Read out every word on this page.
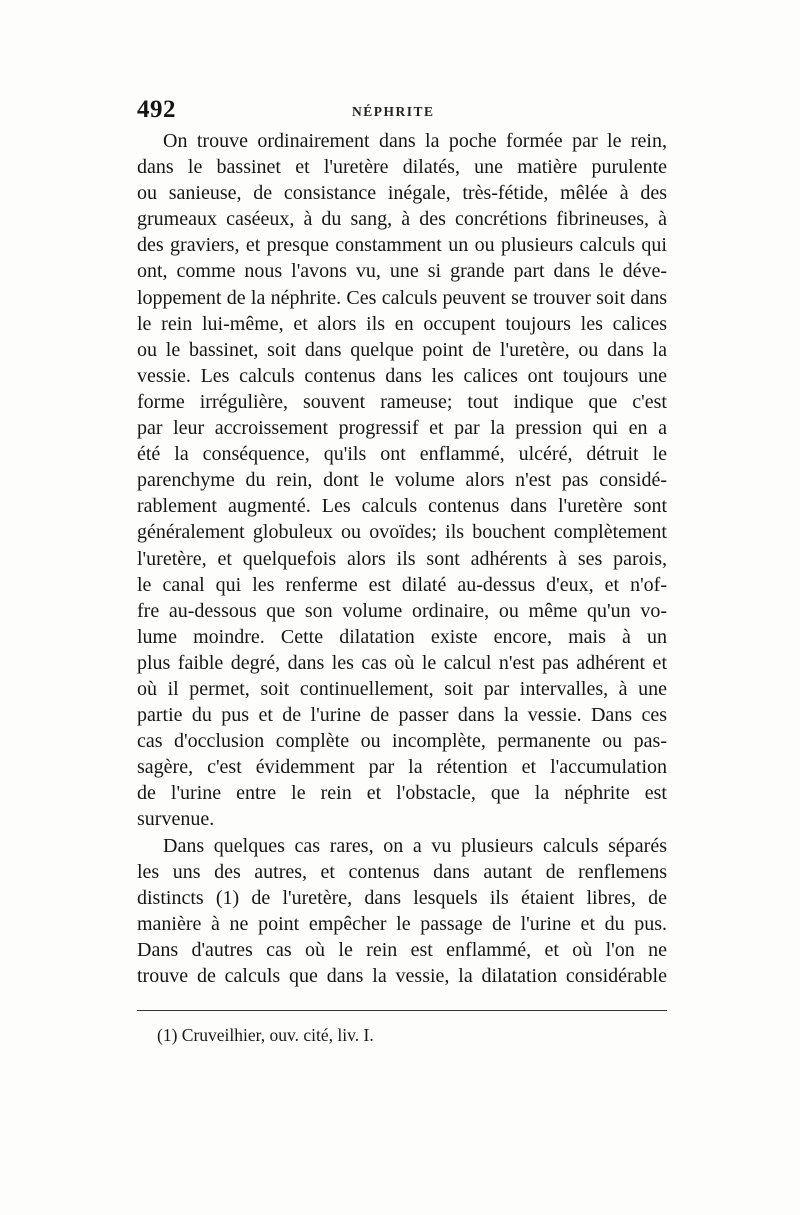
492	NÉPHRITE
On trouve ordinairement dans la poche formée par le rein,
dans le bassinet et l'uretère dilatés, une matière purulente
ou sanieuse, de consistance inégale, très-fétide, mêlée à des
grumeaux caséeux, à du sang, à des concrétions fibrineuses, à
des graviers, et presque constamment un ou plusieurs calculs qui
ont, comme nous l'avons vu, une si grande part dans le déve-
loppement de la néphrite. Ces calculs peuvent se trouver soit dans
le rein lui-même, et alors ils en occupent toujours les calices
ou le bassinet, soit dans quelque point de l'uretère, ou dans la
vessie. Les calculs contenus dans les calices ont toujours une
forme irrégulière, souvent rameuse; tout indique que c'est
par leur accroissement progressif et par la pression qui en a
été la conséquence, qu'ils ont enflammé, ulcéré, détruit le
parenchyme du rein, dont le volume alors n'est pas considé-
rablement augmenté. Les calculs contenus dans l'uretère sont
généralement globuleux ou ovoïdes; ils bouchent complètement
l'uretère, et quelquefois alors ils sont adhérents à ses parois,
le canal qui les renferme est dilaté au-dessus d'eux, et n'of-
fre au-dessous que son volume ordinaire, ou même qu'un vo-
lume moindre. Cette dilatation existe encore, mais à un
plus faible degré, dans les cas où le calcul n'est pas adhérent et
où il permet, soit continuellement, soit par intervalles, à une
partie du pus et de l'urine de passer dans la vessie. Dans ces
cas d'occlusion complète ou incomplète, permanente ou pas-
sagère, c'est évidemment par la rétention et l'accumulation
de l'urine entre le rein et l'obstacle, que la néphrite est
survenue.
Dans quelques cas rares, on a vu plusieurs calculs séparés
les uns des autres, et contenus dans autant de renflemens
distincts (1) de l'uretère, dans lesquels ils étaient libres, de
manière à ne point empêcher le passage de l'urine et du pus.
Dans d'autres cas où le rein est enflammé, et où l'on ne
trouve de calculs que dans la vessie, la dilatation considérable
(1) Cruveilhier, ouv. cité, liv. I.
